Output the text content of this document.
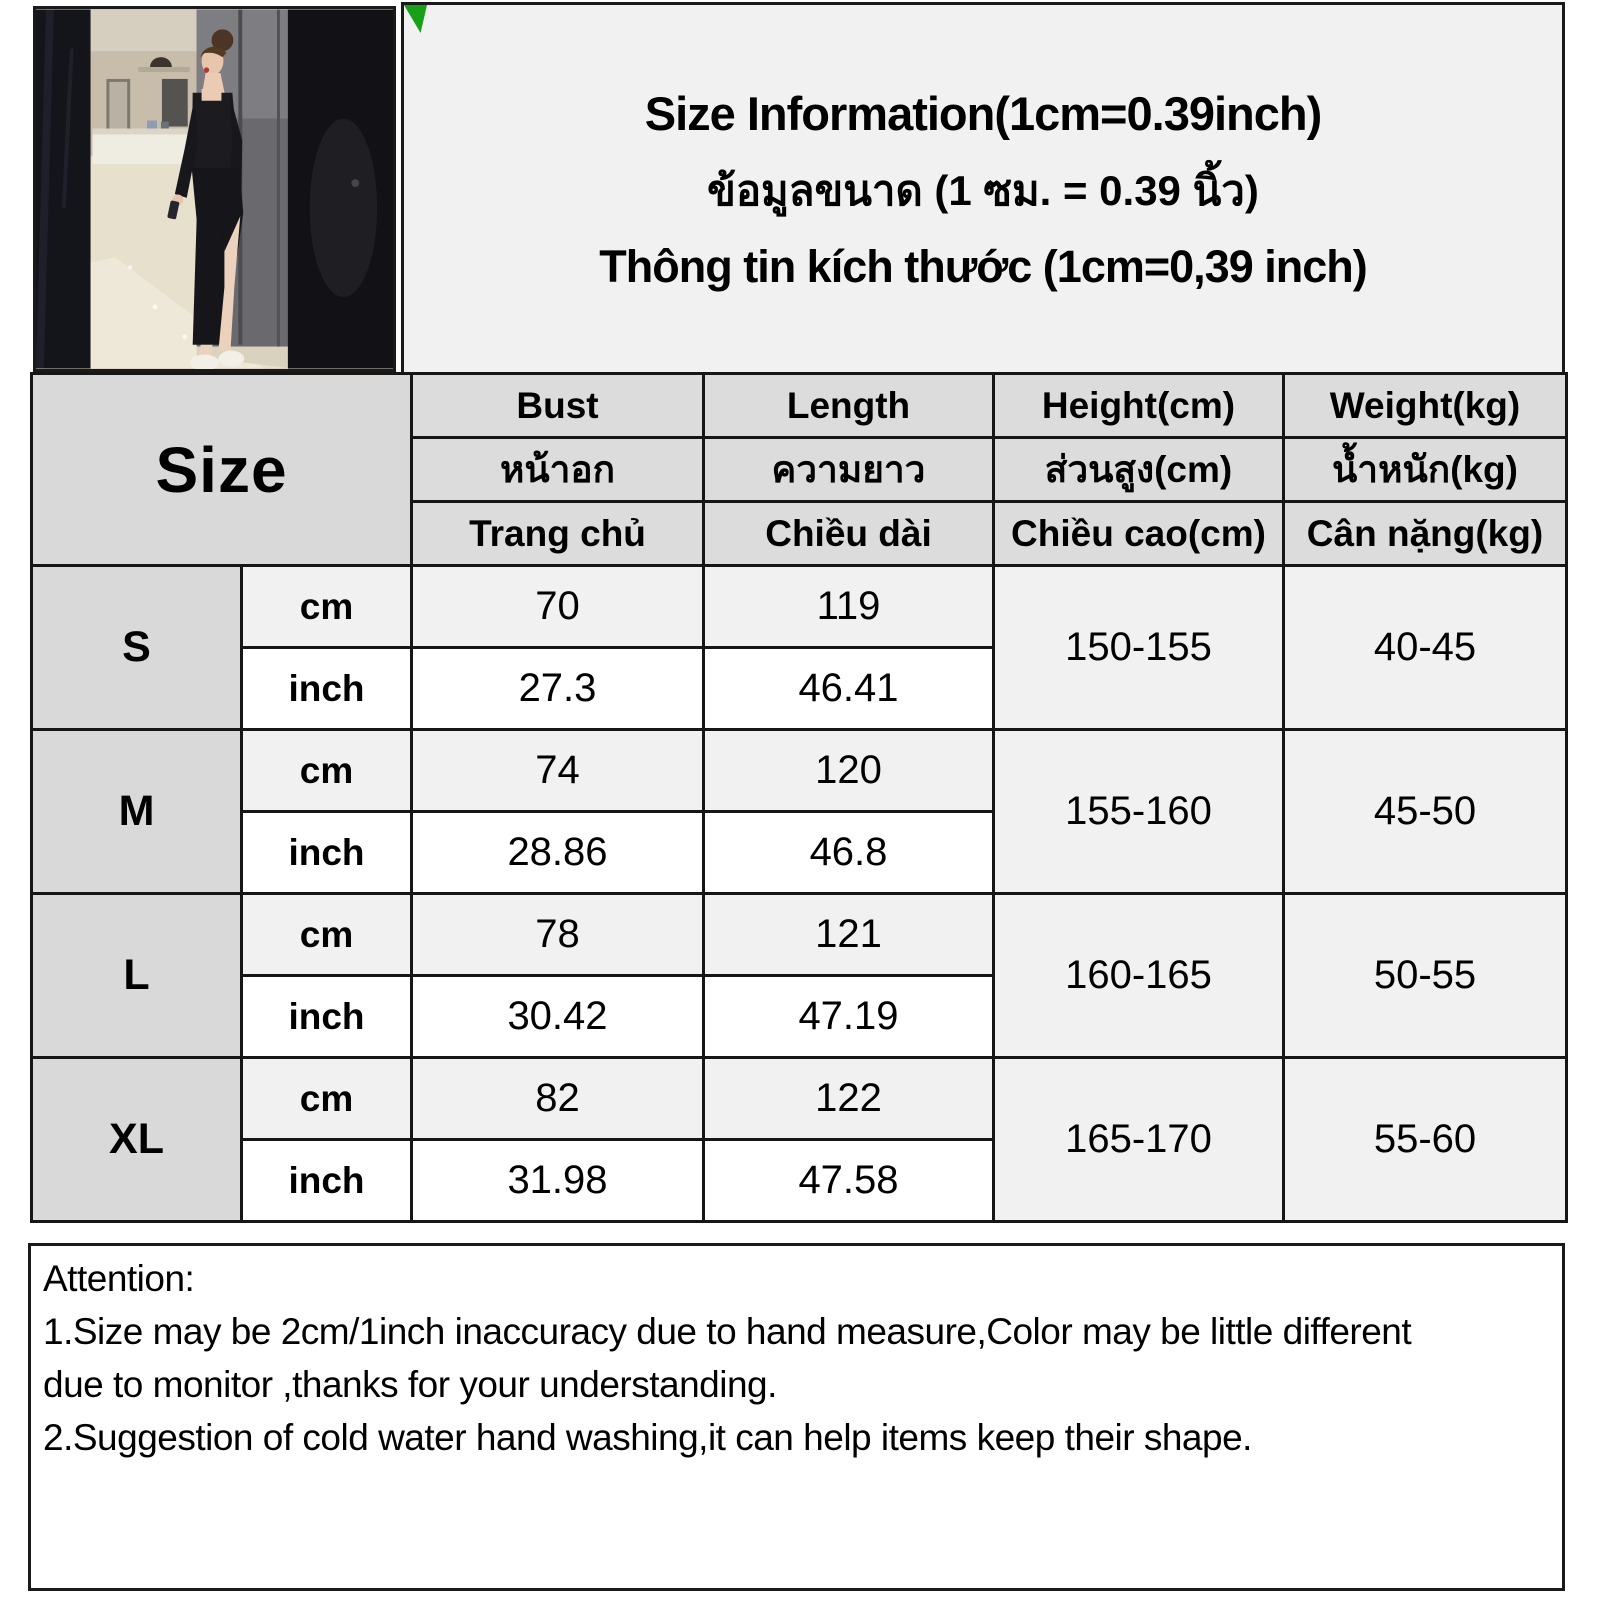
Size Information(1cm=0.39inch)
ข้อมูลขนาด (1 ซม. = 0.39 นิ้ว)
Thông tin kích thước (1cm=0,39 inch)
Size		Bust	Length	Height(cm)	Weight(kg)
		หน้าอก	ความยาว	ส่วนสูง(cm)	น้ำหนัก(kg)
		Trang chủ	Chiều dài	Chiều cao(cm)	Cân nặng(kg)
S	cm	70	119	150-155	40-45
	inch	27.3	46.41		
M	cm	74	120	155-160	45-50
	inch	28.86	46.8		
L	cm	78	121	160-165	50-55
	inch	30.42	47.19		
XL	cm	82	122	165-170	55-60
	inch	31.98	47.58		
Attention:
1.Size may be 2cm/1inch inaccuracy due to hand measure,Color may be little different
due to monitor ,thanks for your understanding.
2.Suggestion of cold water hand washing,it can help items keep their shape.
